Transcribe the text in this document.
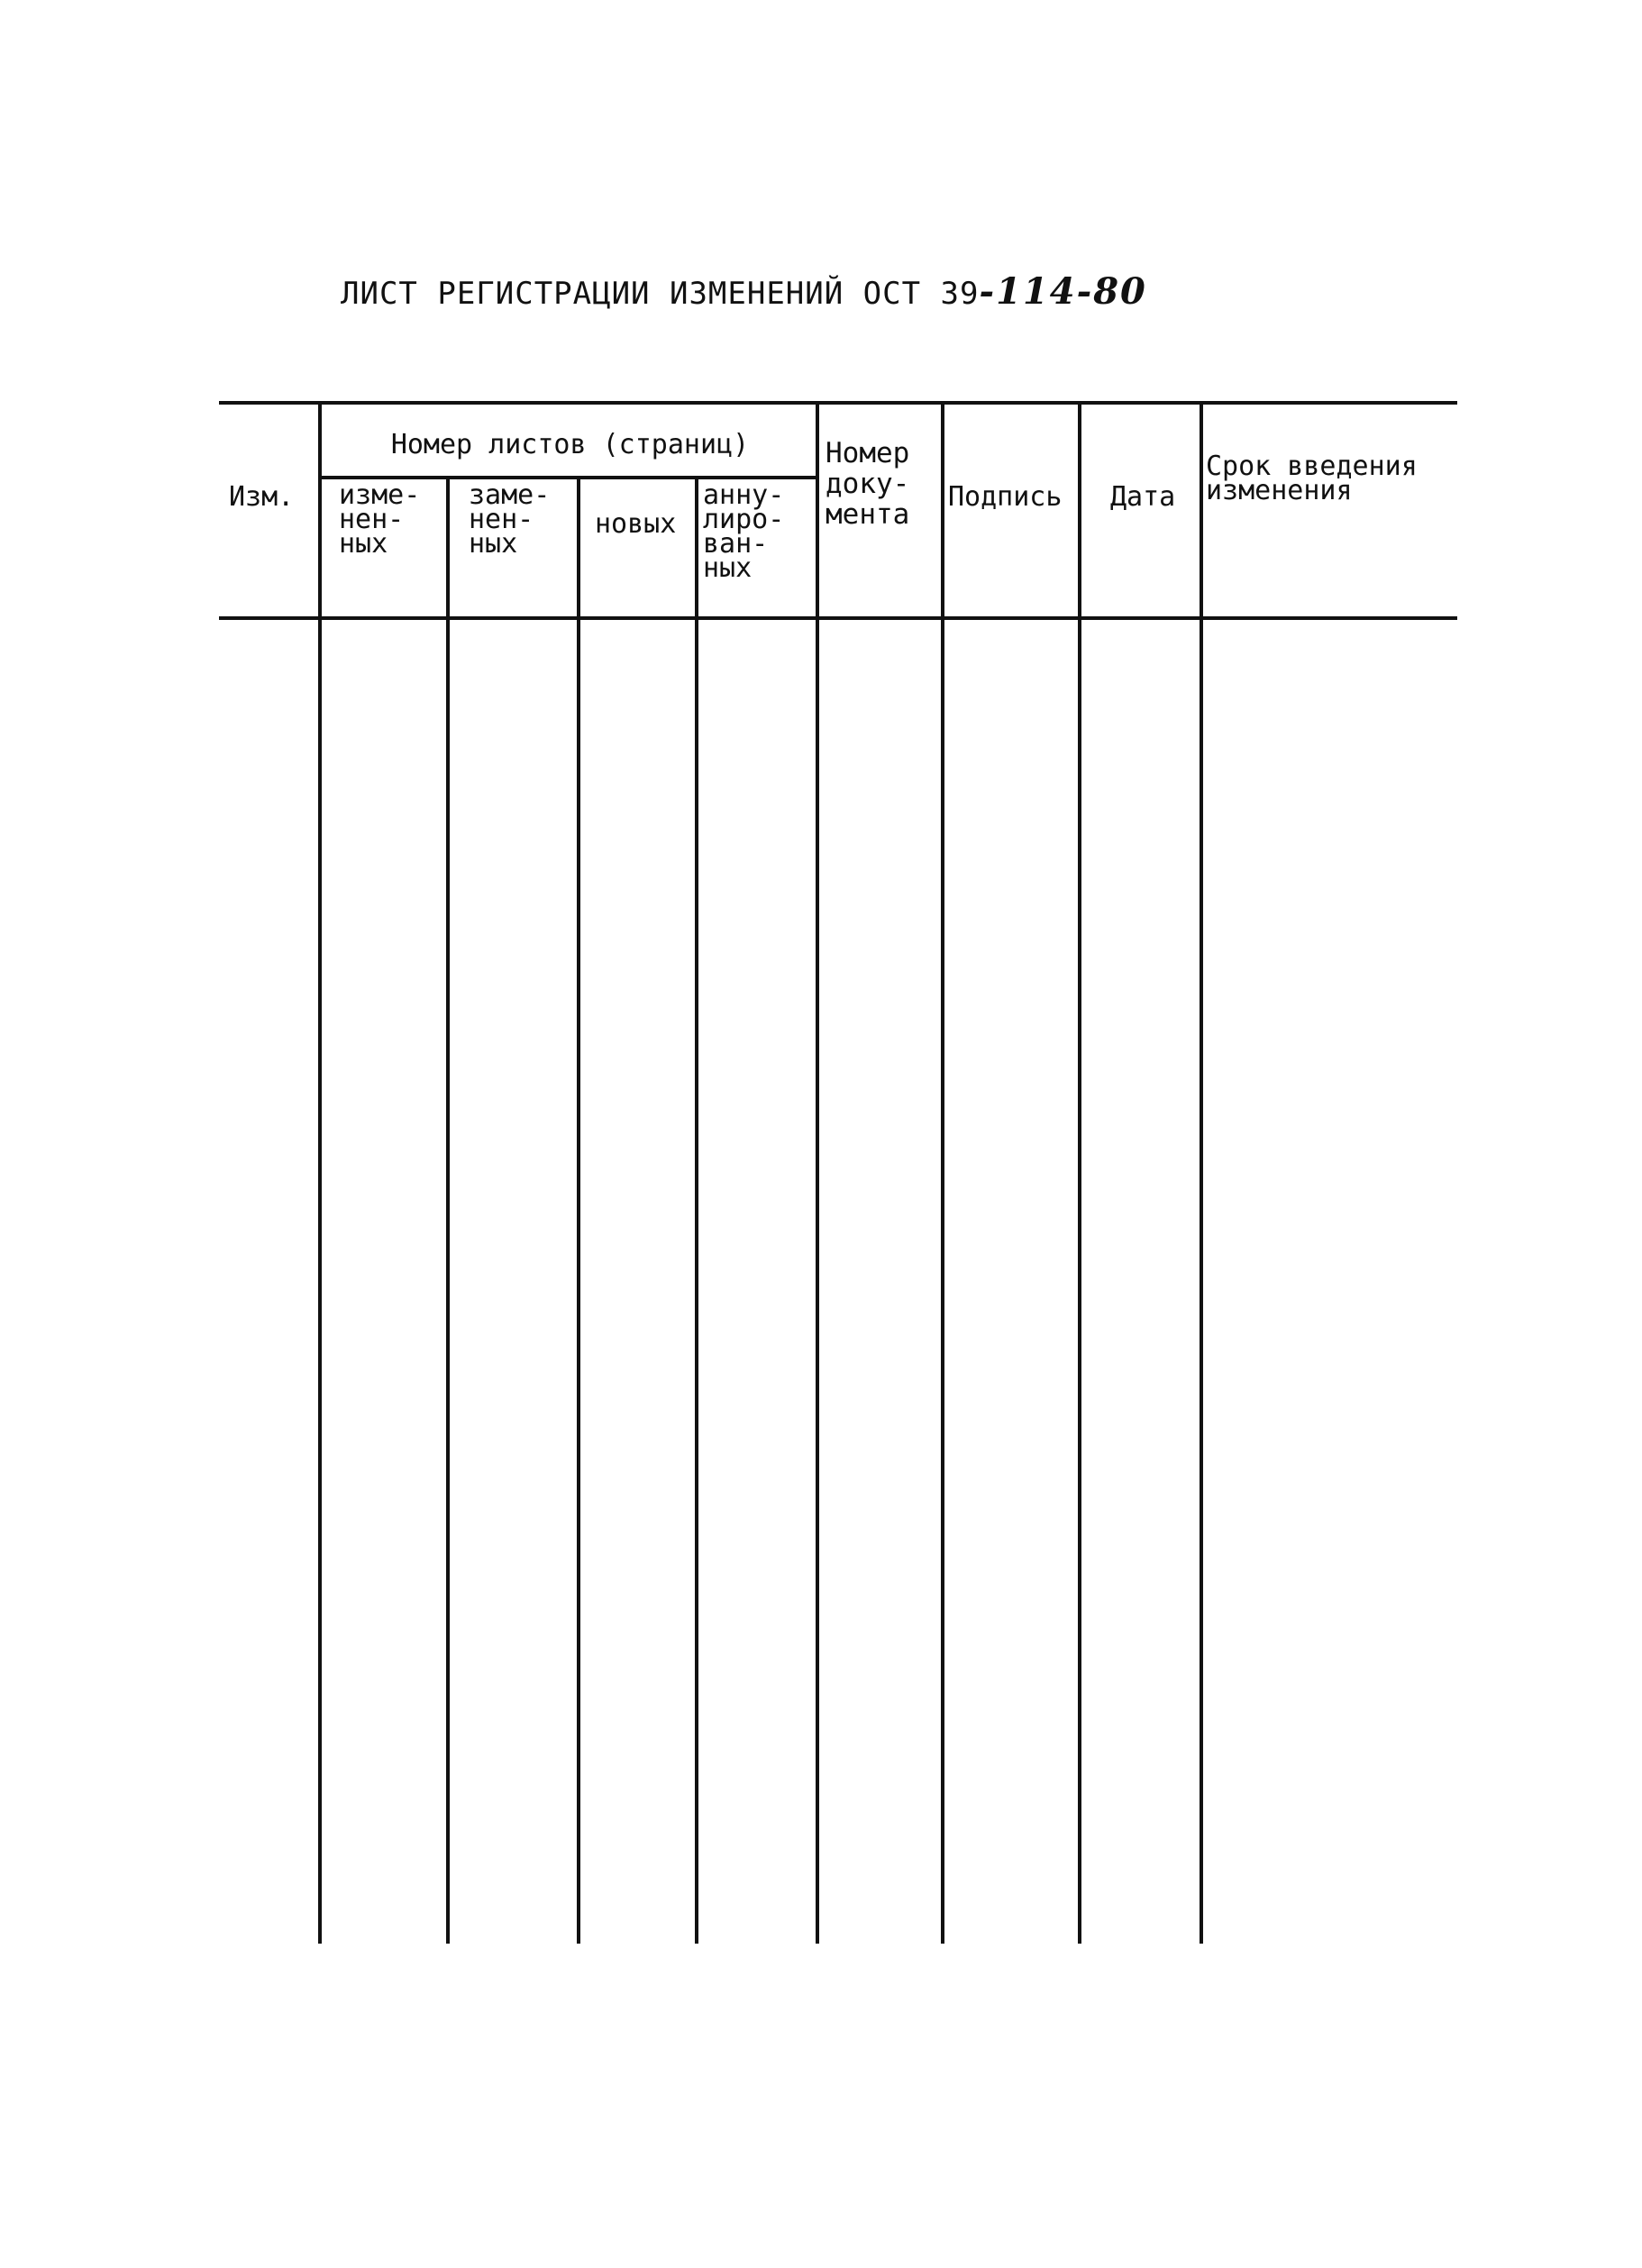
ЛИСТ РЕГИСТРАЦИИ ИЗМЕНЕНИЙ ОСТ 39-114-80
Изм.
Номер листов (страниц)
изме-
нен-
ных
заме-
нен-
ных
новых
анну-
лиро-
ван-
ных
Номер
доку-
мента
Подпись Дата
Срок введения
изменения
